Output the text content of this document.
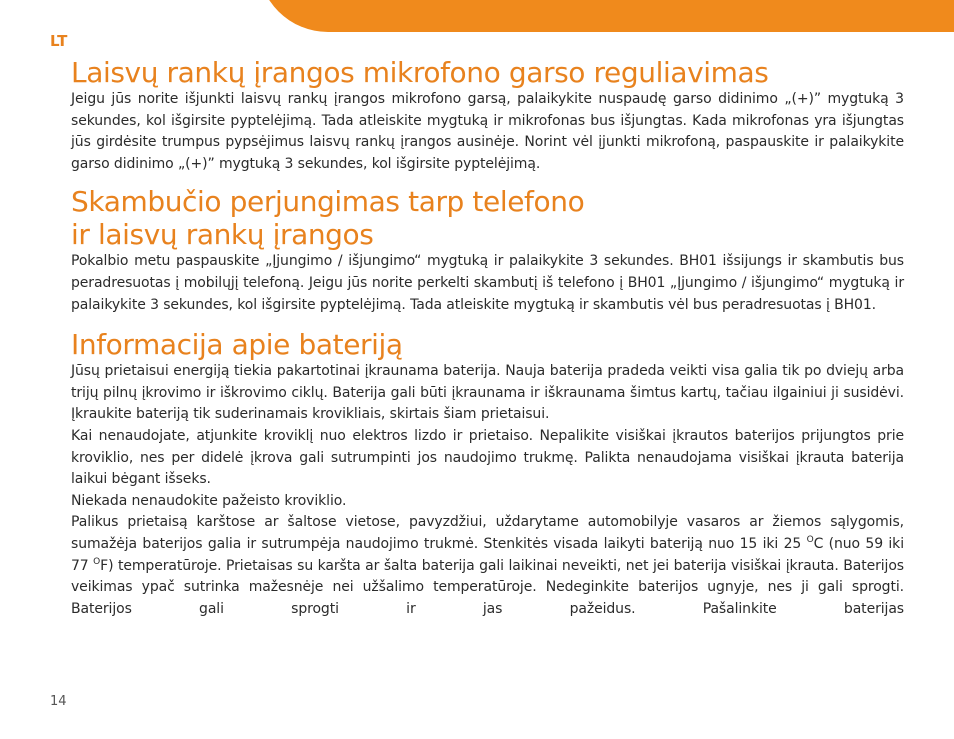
LT
Laisvų rankų įrangos mikrofono garso reguliavimas

Jeigu jūs norite išjunkti laisvų rankų įrangos mikrofono garsą, palaikykite nuspaudę garso didinimo „(+)” mygtuką 3 sekundes, kol išgirsite pyptelėjimą. Tada atleiskite mygtuką ir mikrofonas bus išjungtas. Kada mikrofonas yra išjungtas jūs girdėsite trumpus pypsėjimus laisvų rankų įrangos ausinėje. Norint vėl įjunkti mikrofoną, paspauskite ir palaikykite garso didinimo „(+)” mygtuką 3 sekundes, kol išgirsite pyptelėjimą.

Skambučio perjungimas tarp telefono
ir laisvų rankų įrangos

Pokalbio metu paspauskite „Įjungimo / išjungimo“ mygtuką ir palaikykite 3 sekundes. BH01 išsijungs ir skambutis bus peradresuotas į mobilųjį telefoną. Jeigu jūs norite perkelti skambutį iš telefono į BH01 „Įjungimo / išjungimo“ mygtuką ir palaikykite 3 sekundes, kol išgirsite pyptelėjimą. Tada atleiskite mygtuką ir skambutis vėl bus peradresuotas į BH01.

Informacija apie bateriją

Jūsų prietaisui energiją tiekia pakartotinai įkraunama baterija. Nauja baterija pradeda veikti visa galia tik po dviejų arba trijų pilnų įkrovimo ir iškrovimo ciklų. Baterija gali būti įkraunama ir iškraunama šimtus kartų, tačiau ilgainiui ji susidėvi. Įkraukite bateriją tik suderinamais krovikliais, skirtais šiam prietaisui.

Kai nenaudojate, atjunkite kroviklį nuo elektros lizdo ir prietaiso. Nepalikite visiškai įkrautos baterijos prijungtos prie kroviklio, nes per didelė įkrova gali sutrumpinti jos naudojimo trukmę. Palikta nenaudojama visiškai įkrauta baterija laikui bėgant išseks.

Niekada nenaudokite pažeisto kroviklio.

Palikus prietaisą karštose ar šaltose vietose, pavyzdžiui, uždarytame automobilyje vasaros ar žiemos sąlygomis, sumažėja baterijos galia ir sutrumpėja naudojimo trukmė. Stenkitės visada laikyti bateriją nuo 15 iki 25 $^O$C (nuo 59 iki 77 $^O$F) temperatūroje. Prietaisas su karšta ar šalta baterija gali laikinai neveikti, net jei baterija visiškai įkrauta. Baterijos veikimas ypač sutrinka mažesnėje nei užšalimo temperatūroje. Nedeginkite baterijos ugnyje, nes ji gali sprogti. Baterijos gali sprogti ir jas pažeidus. Pašalinkite baterijas

14
